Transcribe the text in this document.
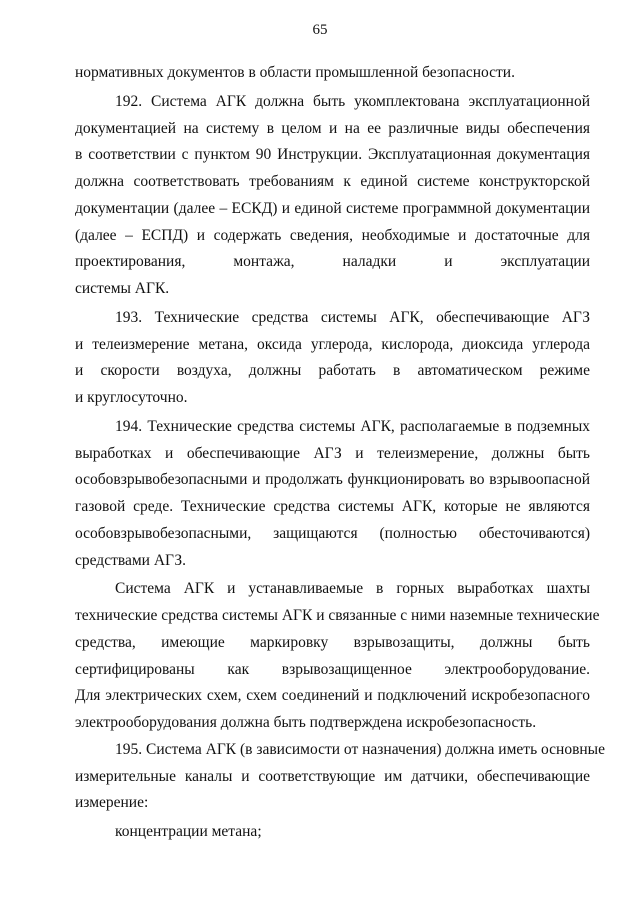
65
нормативных документов в области промышленной безопасности.
192. Система АГК должна быть укомплектована эксплуатационной
документацией на систему в целом и на ее различные виды обеспечения
в соответствии с пунктом 90 Инструкции. Эксплуатационная документация
должна соответствовать требованиям к единой системе конструкторской
документации (далее – ЕСКД) и единой системе программной документации
(далее – ЕСПД) и содержать сведения, необходимые и достаточные для
проектирования, монтажа, наладки и эксплуатации
системы АГК.
193. Технические средства системы АГК, обеспечивающие АГЗ
и телеизмерение метана, оксида углерода, кислорода, диоксида углерода
и скорости воздуха, должны работать в автоматическом режиме
и круглосуточно.
194. Технические средства системы АГК, располагаемые в подземных
выработках и обеспечивающие АГЗ и телеизмерение, должны быть
особовзрывобезопасными и продолжать функционировать во взрывоопасной
газовой среде. Технические средства системы АГК, которые не являются
особовзрывобезопасными, защищаются (полностью обесточиваются)
средствами АГЗ.
Система АГК и устанавливаемые в горных выработках шахты
технические средства системы АГК и связанные с ними наземные технические
средства, имеющие маркировку взрывозащиты, должны быть
сертифицированы как взрывозащищенное электрооборудование.
Для электрических схем, схем соединений и подключений искробезопасного
электрооборудования должна быть подтверждена искробезопасность.
195. Система АГК (в зависимости от назначения) должна иметь основные
измерительные каналы и соответствующие им датчики, обеспечивающие
измерение:
концентрации метана;
